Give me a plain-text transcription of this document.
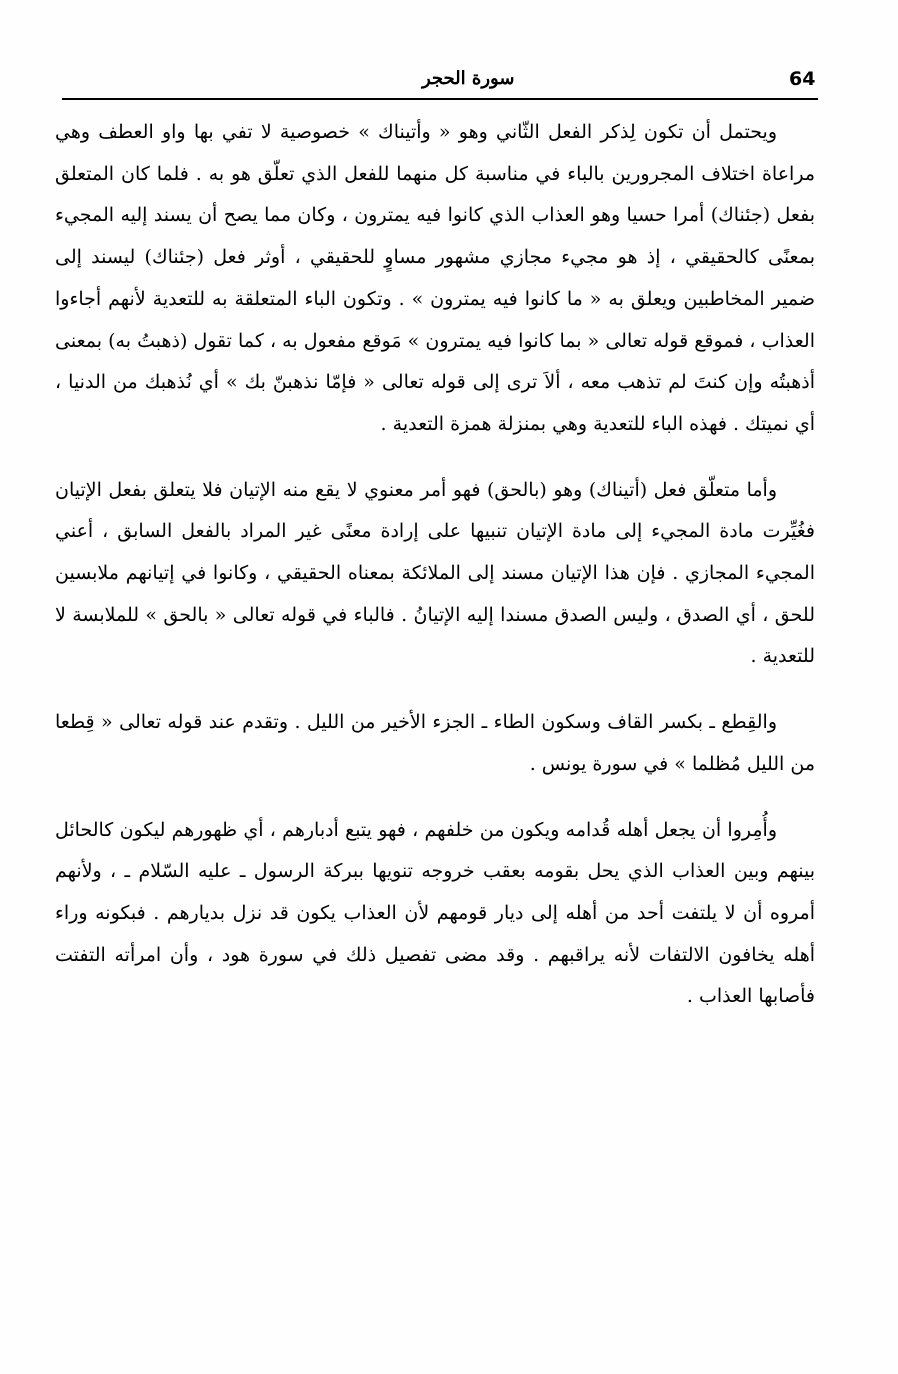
64
سورة الحجر

ويحتمل أن تكون لِذكر الفعل الثّاني وهو « وأتيناك » خصوصية لا تفي بها واو العطف وهي مراعاة اختلاف المجرورين بالباء في مناسبة كل منهما للفعل الذي تعلّق هو به . فلما كان المتعلق بفعل (جئناك) أمرا حسيا وهو العذاب الذي كانوا فيه يمترون ، وكان مما يصح أن يسند إليه المجيء بمعنًى كالحقيقي ، إذ هو مجيء مجازي مشهور مساوٍ للحقيقي ، أوثر فعل (جئناك) ليسند إلى ضمير المخاطبين ويعلق به « ما كانوا فيه يمترون » . وتكون الباء المتعلقة به للتعدية لأنهم أجاءوا العذاب ، فموقع قوله تعالى « بما كانوا فيه يمترون » مَوقع مفعول به ، كما تقول (ذهبتُ به) بمعنى أذهبتُه وإن كنتَ لم تذهب معه ، ألاَ ترى إلى قوله تعالى « فإمّا نذهبنّ بك » أي نُذهبك من الدنيا ، أي نميتك . فهذه الباء للتعدية وهي بمنزلة همزة التعدية .

وأما متعلّق فعل (أتيناك) وهو (بالحق) فهو أمر معنوي لا يقع منه الإتيان فلا يتعلق بفعل الإتيان فغُيِّرت مادة المجيء إلى مادة الإتيان تنبيها على إرادة معنًى غير المراد بالفعل السابق ، أعني المجيء المجازي . فإن هذا الإتيان مسند إلى الملائكة بمعناه الحقيقي ، وكانوا في إتيانهم ملابسين للحق ، أي الصدق ، وليس الصدق مسندا إليه الإتيانُ . فالباء في قوله تعالى « بالحق » للملابسة لا للتعدية .

والقِطع ـ بكسر القاف وسكون الطاء ـ الجزء الأخير من الليل . وتقدم عند قوله تعالى « قِطعا من الليل مُظلما » في سورة يونس .

وأُمِروا أن يجعل أهله قُدامه ويكون من خلفهم ، فهو يتبع أدبارهم ، أي ظهورهم ليكون كالحائل بينهم وبين العذاب الذي يحل بقومه بعقب خروجه تنويها ببركة الرسول ـ عليه السّلام ـ ، ولأنهم أمروه أن لا يلتفت أحد من أهله إلى ديار قومهم لأن العذاب يكون قد نزل بديارهم . فبكونه وراء أهله يخافون الالتفات لأنه يراقبهم . وقد مضى تفصيل ذلك في سورة هود ، وأن امرأته التفتت فأصابها العذاب .
